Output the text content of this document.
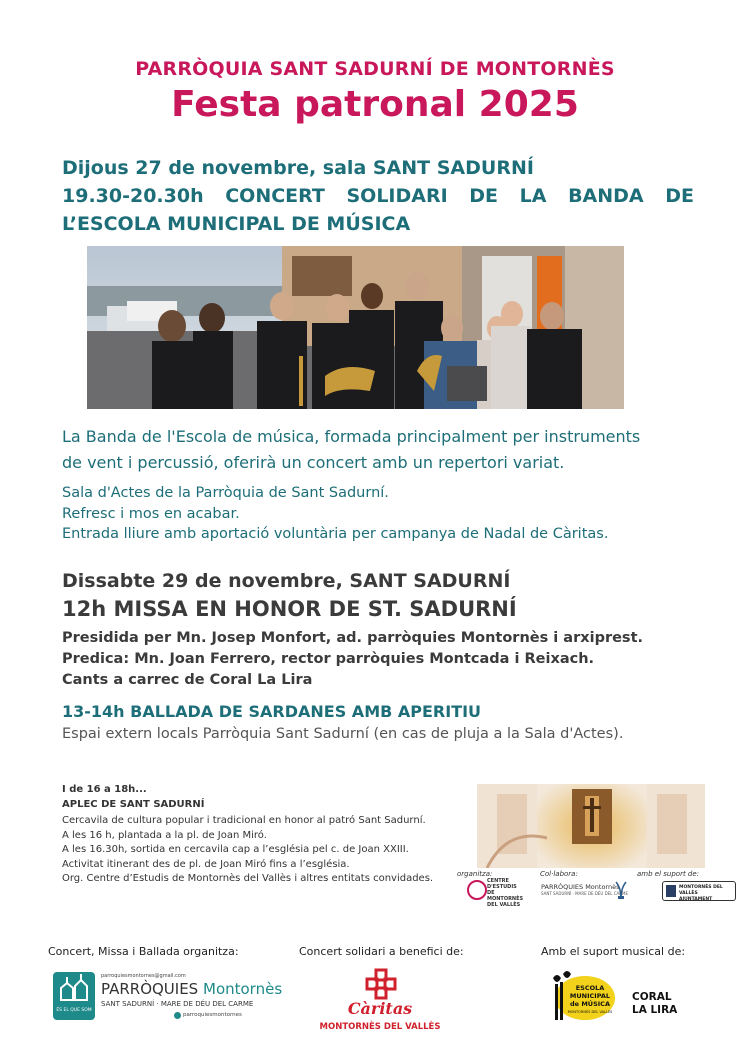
PARRÒQUIA SANT SADURNÍ DE MONTORNÈS
Festa patronal 2025
Dijous 27 de novembre, sala SANT SADURNÍ
19.30-20.30h CONCERT SOLIDARI DE LA BANDA DE
L’ESCOLA MUNICIPAL DE MÚSICA
La Banda de l'Escola de música, formada principalment per instruments
de vent i percussió, oferirà un concert amb un repertori variat.
Sala d'Actes de la Parròquia de Sant Sadurní.
Refresc i mos en acabar.
Entrada lliure amb aportació voluntària per campanya de Nadal de Càritas.
Dissabte 29 de novembre, SANT SADURNÍ
12h MISSA EN HONOR DE ST. SADURNÍ
Presidida per Mn. Josep Monfort, ad. parròquies Montornès i arxiprest.
Predica: Mn. Joan Ferrero, rector parròquies Montcada i Reixach.
Cants a carrec de Coral La Lira
13-14h BALLADA DE SARDANES AMB APERITIU
Espai extern locals Parròquia Sant Sadurní (en cas de pluja a la Sala d'Actes).
I de 16 a 18h...
APLEC DE SANT SADURNÍ
Cercavila de cultura popular i tradicional en honor al patró Sant Sadurní.
A les 16 h, plantada a la pl. de Joan Miró.
A les 16.30h, sortida en cercavila cap a l’església pel c. de Joan XXIII.
Activitat itinerant des de pl. de Joan Miró fins a l’església.
Org. Centre d’Estudis de Montornès del Vallès i altres entitats convidades.	organitza:	Col·labora:	amb el suport de:
CENTRE
D'ESTUDIS
DE MONTORNÈS
DEL VALLÈS
PARRÒQUIES Montornès
SANT SADURNÍ · MARE DE DÉU DEL CARME
MONTORNÈS DEL VALLÈS
AJUNTAMENT
Concert, Missa i Ballada organitza:	Concert solidari a benefici de:	Amb el suport musical de:
ÉS EL QUE SOM
parroquiesmontornes@gmail.com
PARRÒQUIES Montornès
SANT SADURNÍ · MARE DE DÉU DEL CARME
parroquiesmontornes	Càritas
MONTORNÈS DEL VALLÈS
ESCOLA
MUNICIPAL
de MÚSICA
MONTORNÈS DEL VALLÈS
CORAL
LA LIRA
